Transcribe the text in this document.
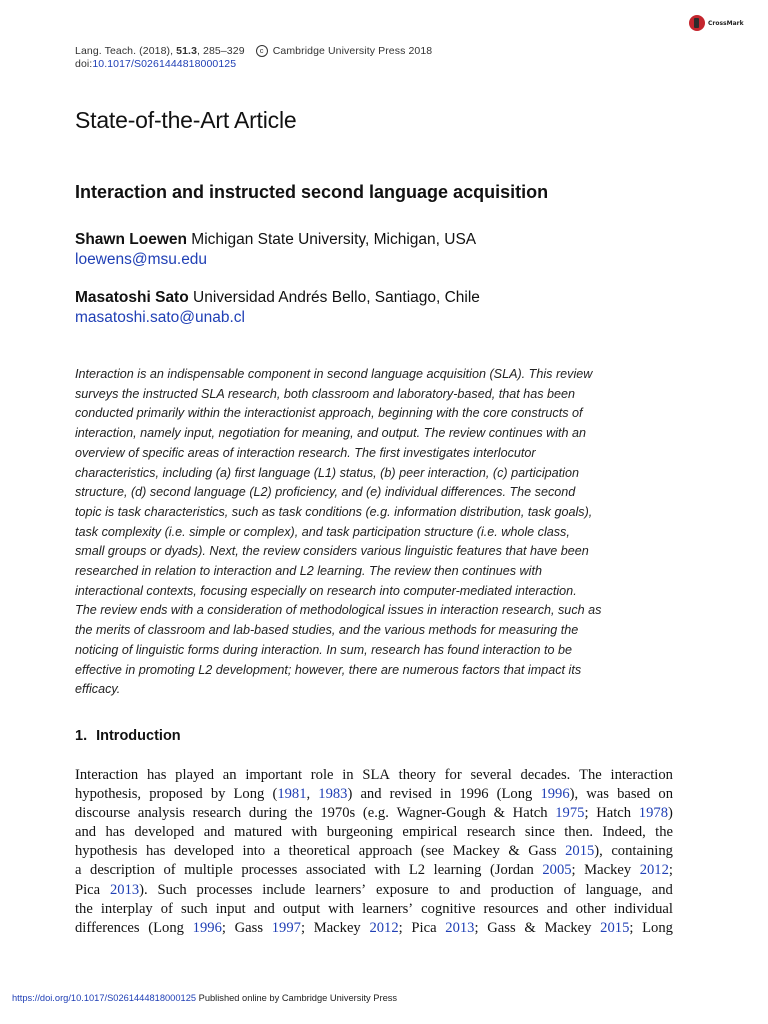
Lang. Teach. (2018), 51.3, 285–329 c Cambridge University Press 2018
doi:10.1017/S0261444818000125
CrossMark
State-of-the-Art Article
Interaction and instructed second language acquisition
Shawn Loewen Michigan State University, Michigan, USA
loewens@msu.edu
Masatoshi Sato Universidad Andrés Bello, Santiago, Chile
masatoshi.sato@unab.cl
Interaction is an indispensable component in second language acquisition (SLA). This review
surveys the instructed SLA research, both classroom and laboratory-based, that has been
conducted primarily within the interactionist approach, beginning with the core constructs of
interaction, namely input, negotiation for meaning, and output. The review continues with an
overview of specific areas of interaction research. The first investigates interlocutor
characteristics, including (a) first language (L1) status, (b) peer interaction, (c) participation
structure, (d) second language (L2) proficiency, and (e) individual differences. The second
topic is task characteristics, such as task conditions (e.g. information distribution, task goals),
task complexity (i.e. simple or complex), and task participation structure (i.e. whole class,
small groups or dyads). Next, the review considers various linguistic features that have been
researched in relation to interaction and L2 learning. The review then continues with
interactional contexts, focusing especially on research into computer-mediated interaction.
The review ends with a consideration of methodological issues in interaction research, such as
the merits of classroom and lab-based studies, and the various methods for measuring the
noticing of linguistic forms during interaction. In sum, research has found interaction to be
effective in promoting L2 development; however, there are numerous factors that impact its
efficacy.
1. Introduction
Interaction has played an important role in SLA theory for several decades. The interaction
hypothesis, proposed by Long (1981, 1983) and revised in 1996 (Long 1996), was based on
discourse analysis research during the 1970s (e.g. Wagner-Gough & Hatch 1975; Hatch 1978)
and has developed and matured with burgeoning empirical research since then. Indeed, the
hypothesis has developed into a theoretical approach (see Mackey & Gass 2015), containing
a description of multiple processes associated with L2 learning (Jordan 2005; Mackey 2012;
Pica 2013). Such processes include learners’ exposure to and production of language, and
the interplay of such input and output with learners’ cognitive resources and other individual
differences (Long 1996; Gass 1997; Mackey 2012; Pica 2013; Gass & Mackey 2015; Long
https://doi.org/10.1017/S0261444818000125 Published online by Cambridge University Press
